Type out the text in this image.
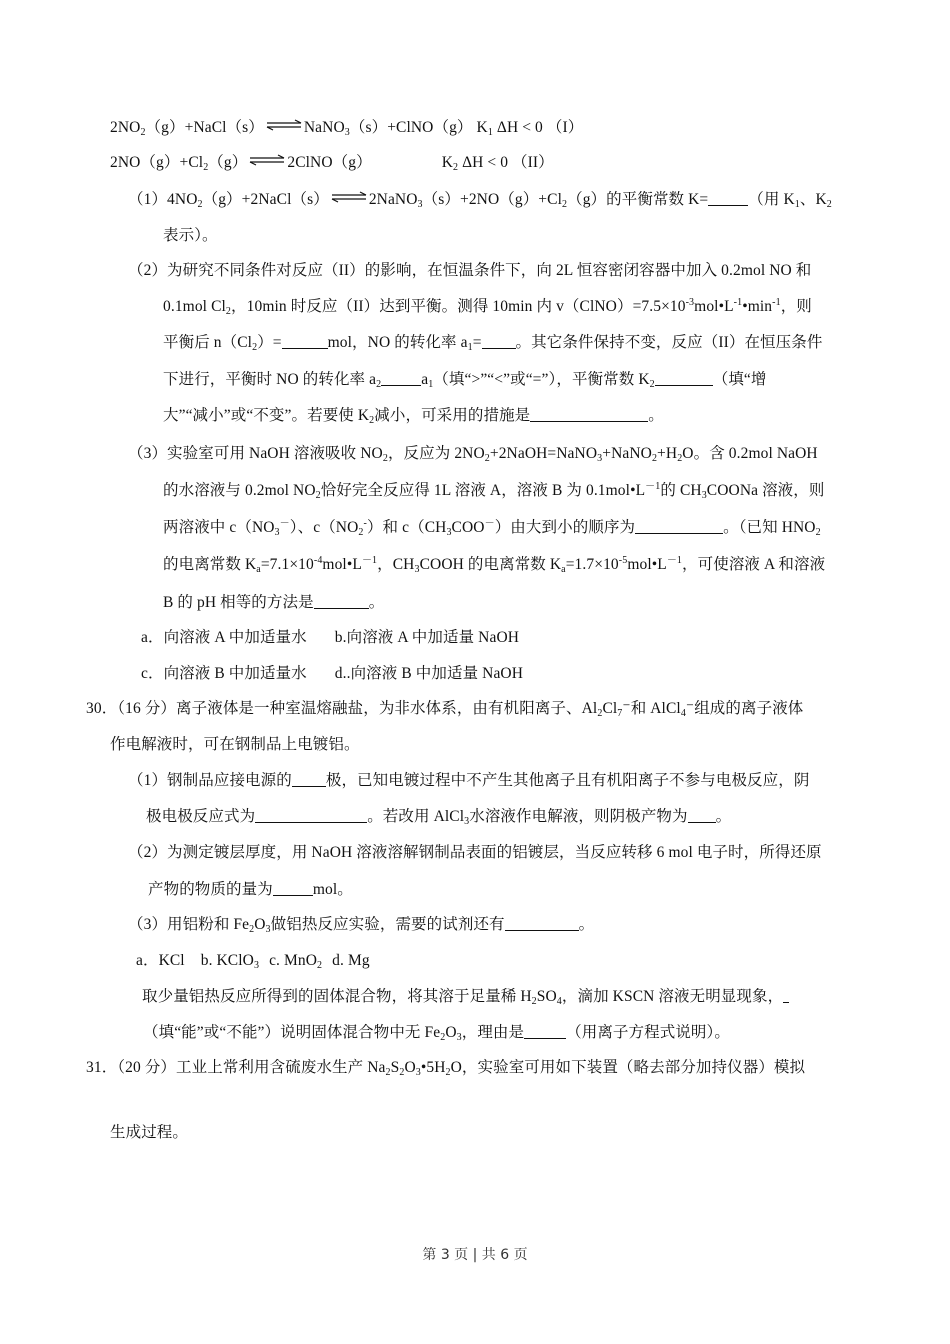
$2NO_2(g)+NaCl(s)\rightleftharpoons NaNO_3(s)+ClNO(g)$ $K_1$ ΔH < 0 （I）
$2NO(g)+Cl_2(g)\rightleftharpoons 2ClNO(g)$	$K_2$ ΔH < 0 （II）
$(1)4NO_2(g)+2NaCl(s)\rightleftharpoons 2NaNO_3(s)+2NO(g)+Cl_2(g)$的平衡常数 K=	（用 $K_1$、$K_2$
表示）。
（2）为研究不同条件对反应（II）的影响，在恒温条件下，向 2L 恒容密闭容器中加入 0.2mol NO 和
0.1mol $Cl_2$，10min 时反应（II）达到平衡。测得 10min 内 $v(ClNO)=7.5\times 10^{-3}mol•L^{-1}•\min^{-1}$，则
平衡后 $n(Cl_2)=$	mol，NO 的转化率 $a_1=$ 。其它条件保持不变，反应（II）在恒压条件
下进行，平衡时 NO 的转化率 $a_2$	$a_1$（填“>”“<”或“=”），平衡常数 $K_2$	（填“增
大”“减小”或“不变”。若要使 $K_2$减小，可采用的措施是	。
（3）实验室可用 NaOH 溶液吸收 $NO_2$，反应为 $2NO_2+2NaOH=NaNO_3+NaNO_2+H_2O$。含 0.2mol NaOH
的水溶液与 0.2mol $NO_2$恰好完全反应得 1L 溶液 A，溶液 B 为 $0.1mol•L^{-1}$的 $CH_3COONa$ 溶液，则
两溶液中 $c(NO_3^-)$、$c(NO_2^-)$和 $c(CH_3COO^-)$由大到小的顺序为	。（已知 $HNO_2$
的电离常数 $K_a=7.1\times 10^{-4}mol•L^{-1}$，$CH_3COOH$ 的电离常数 $K_a=1.7\times 10^{-5}mol•L^{-1}$，可使溶液 A 和溶液
B 的 pH 相等的方法是	。
a．向溶液 A 中加适量水 b.向溶液 A 中加适量 NaOH
c．向溶液 B 中加适量水 d..向溶液 B 中加适量 NaOH
30．（16 分）离子液体是一种室温熔融盐，为非水体系，由有机阳离子、$Al_2Cl_7^-$和 AlCl$_4$⁻组成的离子液体
作电解液时，可在钢制品上电镀铝。
（1）钢制品应接电源的 极，已知电镀过程中不产生其他离子且有机阳离子不参与电极反应，阴
极电极反应式为	。若改用 AlCl$_3$水溶液作电解液，则阴极产物为 。
（2）为测定镀层厚度，用 NaOH 溶液溶解钢制品表面的铝镀层，当反应转移 6 mol 电子时，所得还原
产物的物质的量为	mol。
（3）用铝粉和 $Fe_2O_3$做铝热反应实验，需要的试剂还有	。
a．KCl b. KClO$_3$ c. MnO$_2$ d. Mg
取少量铝热反应所得到的固体混合物，将其溶于足量稀 $H_2SO_4$，滴加 KSCN 溶液无明显现象，
（填“能”或“不能”）说明固体混合物中无 $Fe_2O_3$，理由是	（用离子方程式说明）。
31．（20 分）工业上常利用含硫废水生产 $Na_2S_2O_3•5H_2O$，实验室可用如下装置（略去部分加持仪器）模拟
生成过程。
第 3 页 | 共 6 页
